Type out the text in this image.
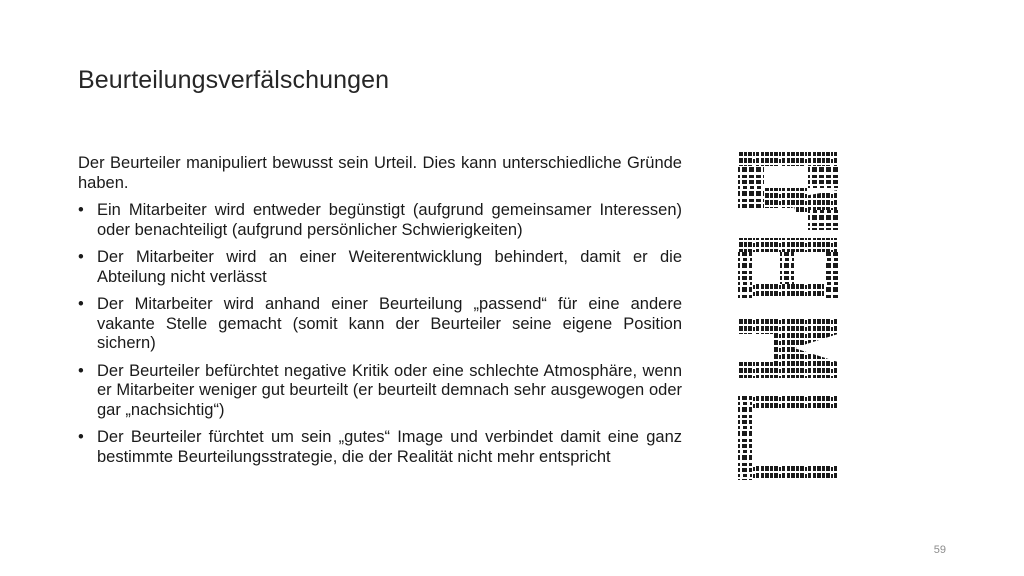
Beurteilungsverfälschungen

Der Beurteiler manipuliert bewusst sein Urteil. Dies kann unterschiedliche Gründe haben.

• Ein Mitarbeiter wird entweder begünstigt (aufgrund gemeinsamer Interessen) oder benachteiligt (aufgrund persönlicher Schwierigkeiten)
• Der Mitarbeiter wird an einer Weiterentwicklung behindert, damit er die Abteilung nicht verlässt
• Der Mitarbeiter wird anhand einer Beurteilung „passend“ für eine andere vakante Stelle gemacht (somit kann der Beurteiler seine eigene Position sichern)
• Der Beurteiler befürchtet negative Kritik oder eine schlechte Atmosphäre, wenn er Mitarbeiter weniger gut beurteilt (er beurteilt demnach sehr ausgewogen oder gar „nachsichtig“)
• Der Beurteiler fürchtet um sein „gutes“ Image und verbindet damit eine ganz bestimmte Beurteilungsstrategie, die der Realität nicht mehr entspricht
59
